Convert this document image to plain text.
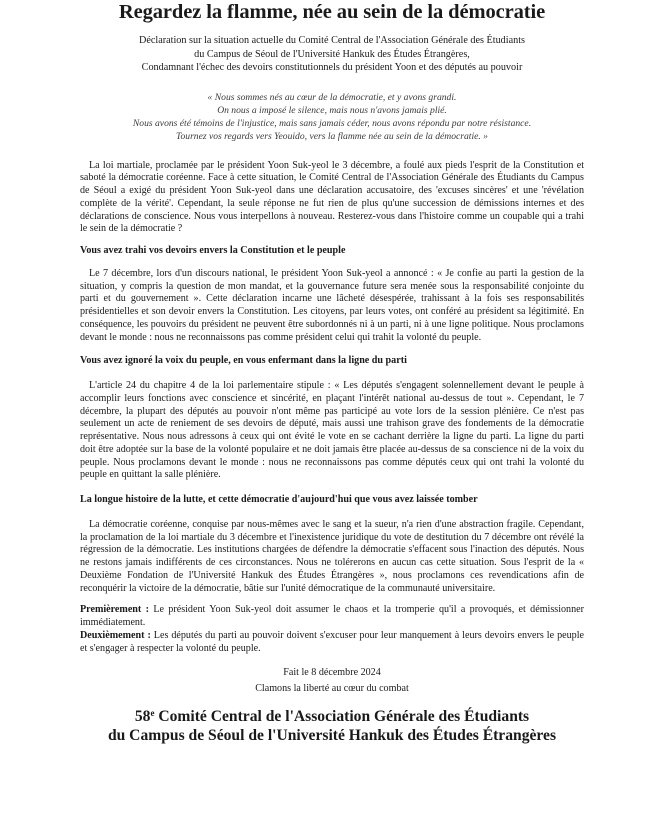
Regardez la flamme, née au sein de la démocratie
Déclaration sur la situation actuelle du Comité Central de l'Association Générale des Étudiants
du Campus de Séoul de l'Université Hankuk des Études Étrangères,
Condamnant l'échec des devoirs constitutionnels du président Yoon et des députés au pouvoir
« Nous sommes nés au cœur de la démocratie, et y avons grandi.
On nous a imposé le silence, mais nous n'avons jamais plié.
Nous avons été témoins de l'injustice, mais sans jamais céder, nous avons répondu par notre résistance.
Tournez vos regards vers Yeouido, vers la flamme née au sein de la démocratie. »

La loi martiale, proclamée par le président Yoon Suk-yeol le 3 décembre, a foulé aux pieds l'esprit de la Constitution et saboté la démocratie coréenne. Face à cette situation, le Comité Central de l'Association Générale des Étudiants du Campus de Séoul a exigé du président Yoon Suk-yeol dans une déclaration accusatoire, des 'excuses sincères' et une 'révélation complète de la vérité'. Cependant, la seule réponse ne fut rien de plus qu'une succession de démissions internes et des déclarations de conscience. Nous vous interpellons à nouveau. Resterez-vous dans l'histoire comme un coupable qui a trahi le sein de la démocratie ?

Vous avez trahi vos devoirs envers la Constitution et le peuple

Le 7 décembre, lors d'un discours national, le président Yoon Suk-yeol a annoncé : « Je confie au parti la gestion de la situation, y compris la question de mon mandat, et la gouvernance future sera menée sous la responsabilité conjointe du parti et du gouvernement ». Cette déclaration incarne une lâcheté désespérée, trahissant à la fois ses responsabilités présidentielles et son devoir envers la Constitution. Les citoyens, par leurs votes, ont conféré au président sa légitimité. En conséquence, les pouvoirs du président ne peuvent être subordonnés ni à un parti, ni à une ligne politique. Nous proclamons devant le monde : nous ne reconnaissons pas comme président celui qui trahit la volonté du peuple.

Vous avez ignoré la voix du peuple, en vous enfermant dans la ligne du parti

L'article 24 du chapitre 4 de la loi parlementaire stipule : « Les députés s'engagent solennellement devant le peuple à accomplir leurs fonctions avec conscience et sincérité, en plaçant l'intérêt national au-dessus de tout ». Cependant, le 7 décembre, la plupart des députés au pouvoir n'ont même pas participé au vote lors de la session plénière. Ce n'est pas seulement un acte de reniement de ses devoirs de député, mais aussi une trahison grave des fondements de la démocratie représentative. Nous nous adressons à ceux qui ont évité le vote en se cachant derrière la ligne du parti. La ligne du parti doit être adoptée sur la base de la volonté populaire et ne doit jamais être placée au-dessus de sa conscience ni de la voix du peuple. Nous proclamons devant le monde : nous ne reconnaissons pas comme députés ceux qui ont trahi la volonté du peuple en quittant la salle plénière.

La longue histoire de la lutte, et cette démocratie d'aujourd'hui que vous avez laissée tomber

La démocratie coréenne, conquise par nous-mêmes avec le sang et la sueur, n'a rien d'une abstraction fragile. Cependant, la proclamation de la loi martiale du 3 décembre et l'inexistence juridique du vote de destitution du 7 décembre ont révélé la régression de la démocratie. Les institutions chargées de défendre la démocratie s'effacent sous l'inaction des députés. Nous ne restons jamais indifférents de ces circonstances. Nous ne tolérerons en aucun cas cette situation. Sous l'esprit de la « Deuxième Fondation de l'Université Hankuk des Études Étrangères », nous proclamons ces revendications afin de reconquérir la victoire de la démocratie, bâtie sur l'unité démocratique de la communauté universitaire.

Premièrement : Le président Yoon Suk-yeol doit assumer le chaos et la tromperie qu'il a provoqués, et démissionner immédiatement.

Deuxièmement : Les députés du parti au pouvoir doivent s'excuser pour leur manquement à leurs devoirs envers le peuple et s'engager à respecter la volonté du peuple.

Fait le 8 décembre 2024
Clamons la liberté au cœur du combat
58e Comité Central de l'Association Générale des Étudiants
du Campus de Séoul de l'Université Hankuk des Études Étrangères
